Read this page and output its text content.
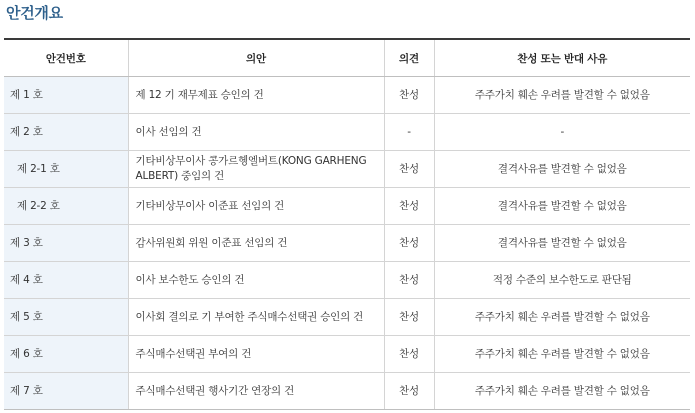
안건개요
안건번호	의안	의견	찬성 또는 반대 사유
제 1 호	제 12 기 재무제표 승인의 건	찬성	주주가치 훼손 우려를 발견할 수 없었음
제 2 호	이사 선임의 건	-	-
제 2-1 호	기타비상무이사 콩가르헹엘버트(KONG GARHENG ALBERT) 중임의 건	찬성	결격사유를 발견할 수 없었음
제 2-2 호	기타비상무이사 이준표 선임의 건	찬성	결격사유를 발견할 수 없었음
제 3 호	감사위원회 위원 이준표 선임의 건	찬성	결격사유를 발견할 수 없었음
제 4 호	이사 보수한도 승인의 건	찬성	적정 수준의 보수한도로 판단됨
제 5 호	이사회 결의로 기 부여한 주식매수선택권 승인의 건	찬성	주주가치 훼손 우려를 발견할 수 없었음
제 6 호	주식매수선택권 부여의 건	찬성	주주가치 훼손 우려를 발견할 수 없었음
제 7 호	주식매수선택권 행사기간 연장의 건	찬성	주주가치 훼손 우려를 발견할 수 없었음
